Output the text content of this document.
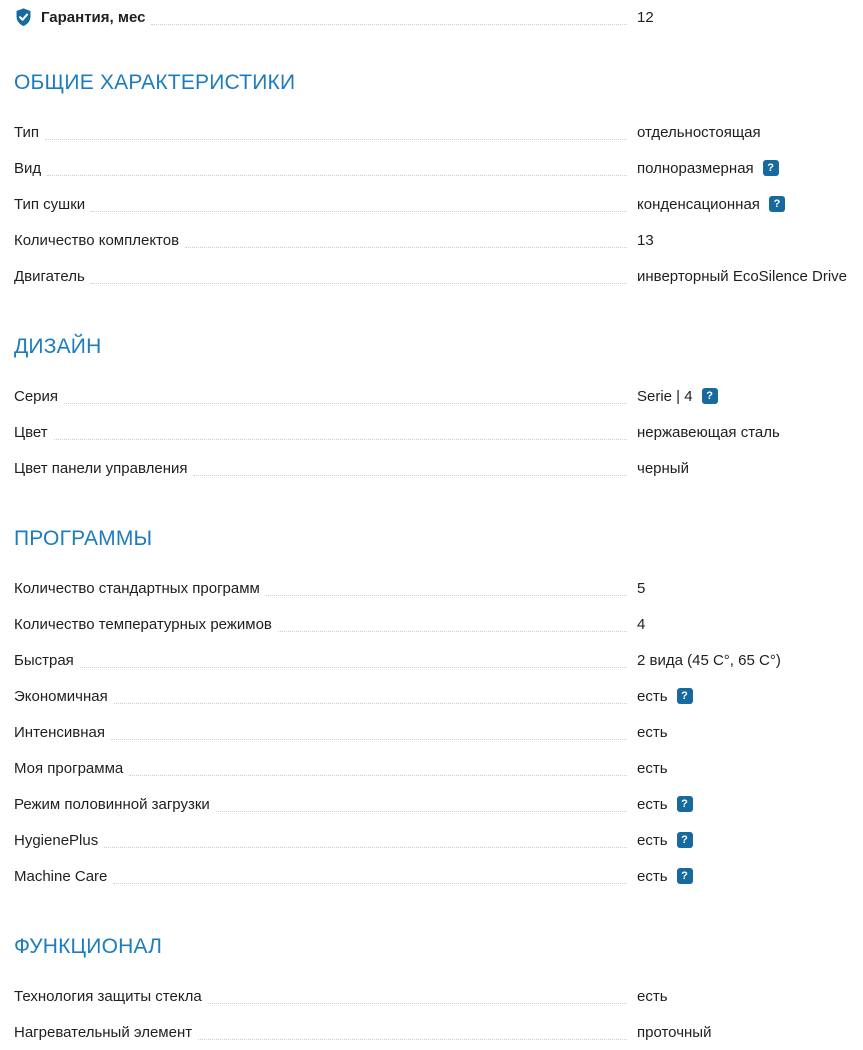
Гарантия, мес	12
ОБЩИЕ ХАРАКТЕРИСТИКИ
Тип	отдельностоящая
Вид	полноразмерная	?
Тип сушки	конденсационная	?
Количество комплектов	13
Двигатель	инверторный EcoSilence Drive
ДИЗАЙН
Серия	Serie | 4	?
Цвет	нержавеющая сталь
Цвет панели управления	черный
ПРОГРАММЫ
Количество стандартных программ	5
Количество температурных режимов	4
Быстрая	2 вида (45 С°, 65 С°)
Экономичная	есть	?
Интенсивная	есть
Моя программа	есть
Режим половинной загрузки	есть	?
HygienePlus	есть	?
Machine Care	есть	?
ФУНКЦИОНАЛ
Технология защиты стекла	есть
Нагревательный элемент	проточный
